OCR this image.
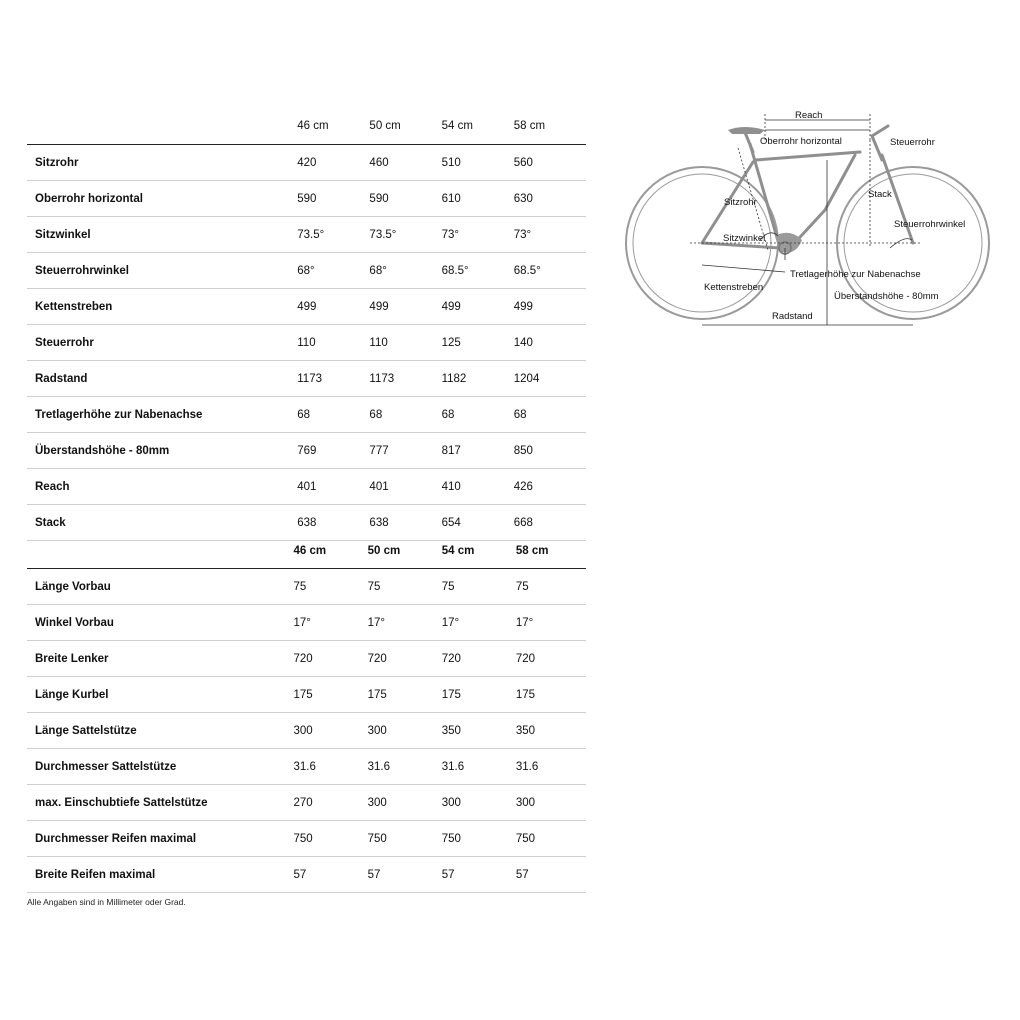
	46 cm	50 cm	54 cm	58 cm
Sitzrohr	420	460	510	560
Oberrohr horizontal	590	590	610	630
Sitzwinkel	73.5°	73.5°	73°	73°
Steuerrohrwinkel	68°	68°	68.5°	68.5°
Kettenstreben	499	499	499	499
Steuerrohr	110	110	125	140
Radstand	1173	1173	1182	1204
Tretlagerhöhe zur Nabenachse	68	68	68	68
Überstandshöhe - 80mm	769	777	817	850
Reach	401	401	410	426
Stack	638	638	654	668
	46 cm	50 cm	54 cm	58 cm
Länge Vorbau	75	75	75	75
Winkel Vorbau	17°	17°	17°	17°
Breite Lenker	720	720	720	720
Länge Kurbel	175	175	175	175
Länge Sattelstütze	300	300	350	350
Durchmesser Sattelstütze	31.6	31.6	31.6	31.6
max. Einschubtiefe Sattelstütze	270	300	300	300
Durchmesser Reifen maximal	750	750	750	750
Breite Reifen maximal	57	57	57	57
Alle Angaben sind in Millimeter oder Grad.
Reach
Oberrohr horizontal	Steuerrohr
Stack
Sitzrohr
Steuerrohrwinkel
Sitzwinkel
Tretlagerhöhe zur Nabenachse
Kettenstreben
Überstandshöhe - 80mm
Radstand
